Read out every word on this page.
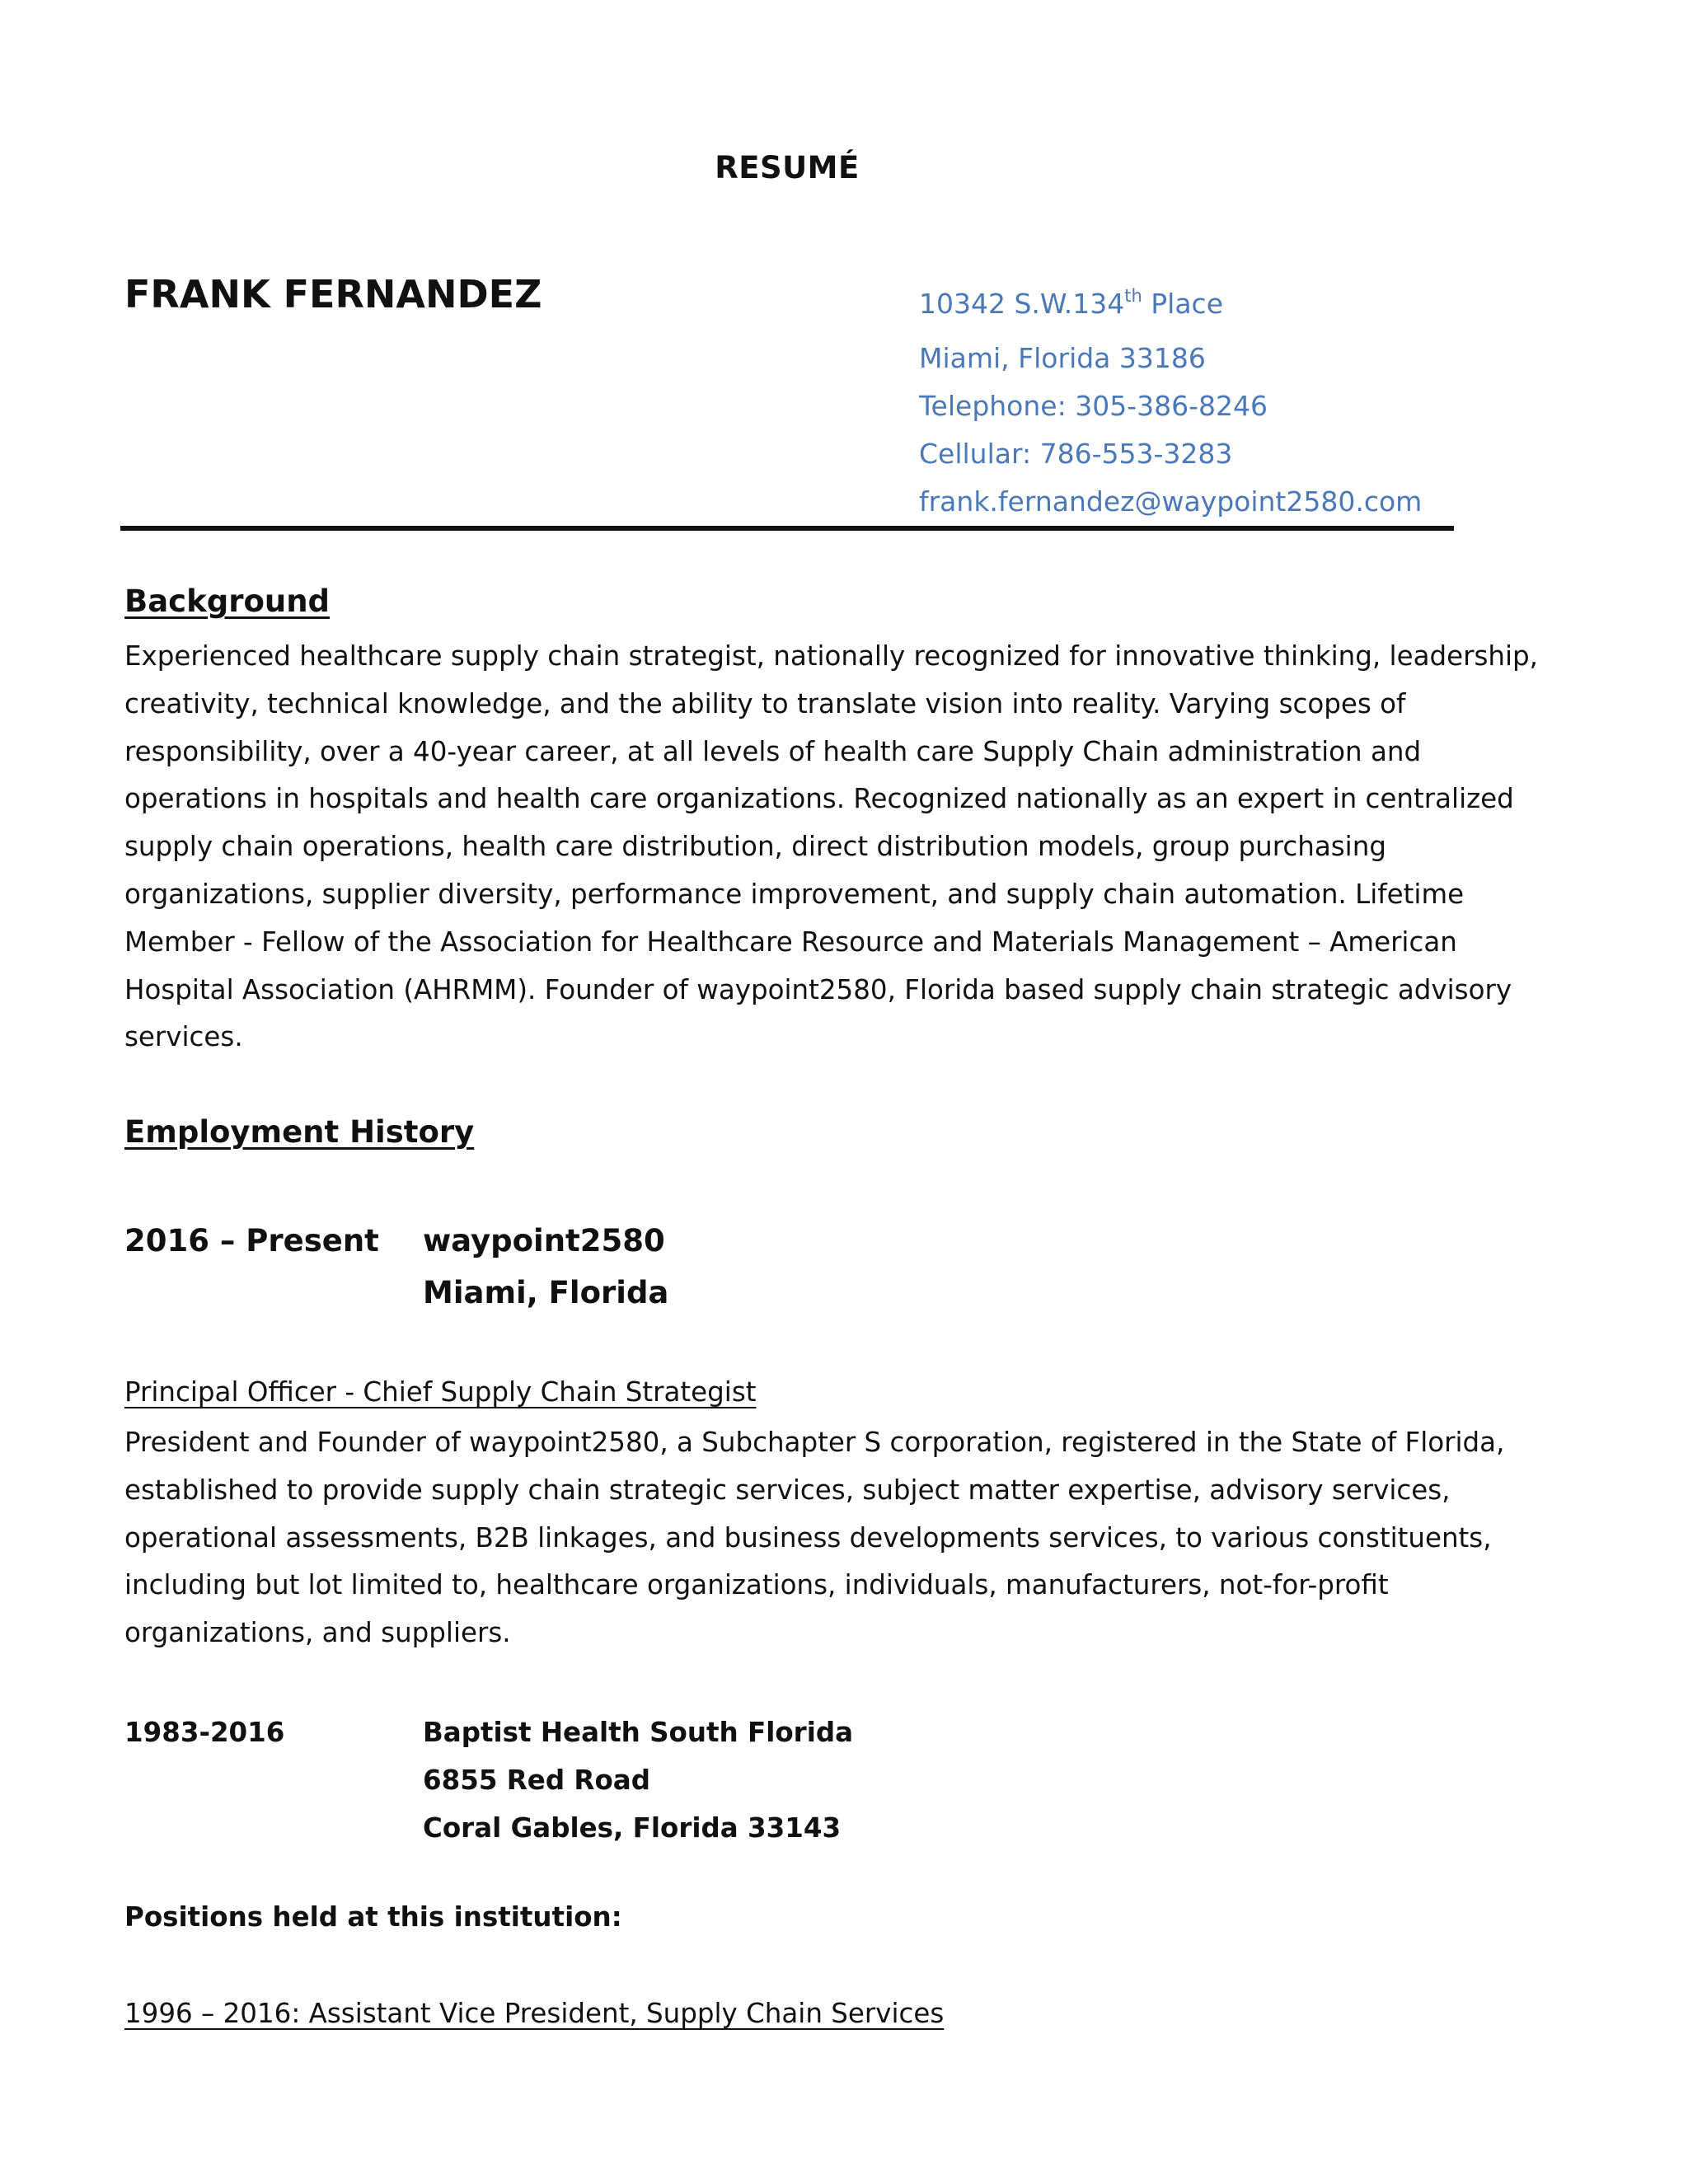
RESUMÉ
FRANK FERNANDEZ	10342 S.W.134th Place
Miami, Florida 33186
Telephone: 305-386-8246
Cellular: 786-553-3283
frank.fernandez@waypoint2580.com
Background
Experienced healthcare supply chain strategist, nationally recognized for innovative thinking, leadership,
creativity, technical knowledge, and the ability to translate vision into reality. Varying scopes of
responsibility, over a 40-year career, at all levels of health care Supply Chain administration and
operations in hospitals and health care organizations. Recognized nationally as an expert in centralized
supply chain operations, health care distribution, direct distribution models, group purchasing
organizations, supplier diversity, performance improvement, and supply chain automation. Lifetime
Member - Fellow of the Association for Healthcare Resource and Materials Management – American
Hospital Association (AHRMM). Founder of waypoint2580, Florida based supply chain strategic advisory
services.
Employment History
2016 – Present waypoint2580
Miami, Florida
Principal Officer - Chief Supply Chain Strategist
President and Founder of waypoint2580, a Subchapter S corporation, registered in the State of Florida,
established to provide supply chain strategic services, subject matter expertise, advisory services,
operational assessments, B2B linkages, and business developments services, to various constituents,
including but lot limited to, healthcare organizations, individuals, manufacturers, not-for-profit
organizations, and suppliers.
1983-2016	Baptist Health South Florida
6855 Red Road
Coral Gables, Florida 33143
Positions held at this institution:
1996 – 2016: Assistant Vice President, Supply Chain Services
